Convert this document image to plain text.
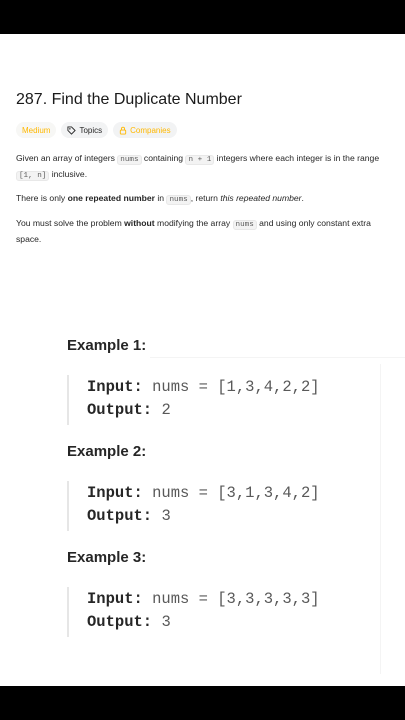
287. Find the Duplicate Number
Medium	Topics	Companies

Given an array of integers nums containing n + 1 integers where each integer is in the range [1, n] inclusive.

There is only one repeated number in nums , return this repeated number.

You must solve the problem without modifying the array nums and using only constant extra space.

Example 1:
Input: nums = [1,3,4,2,2]
Output: 2
Example 2:
Input: nums = [3,1,3,4,2]
Output: 3
Example 3:
Input: nums = [3,3,3,3,3]
Output: 3
